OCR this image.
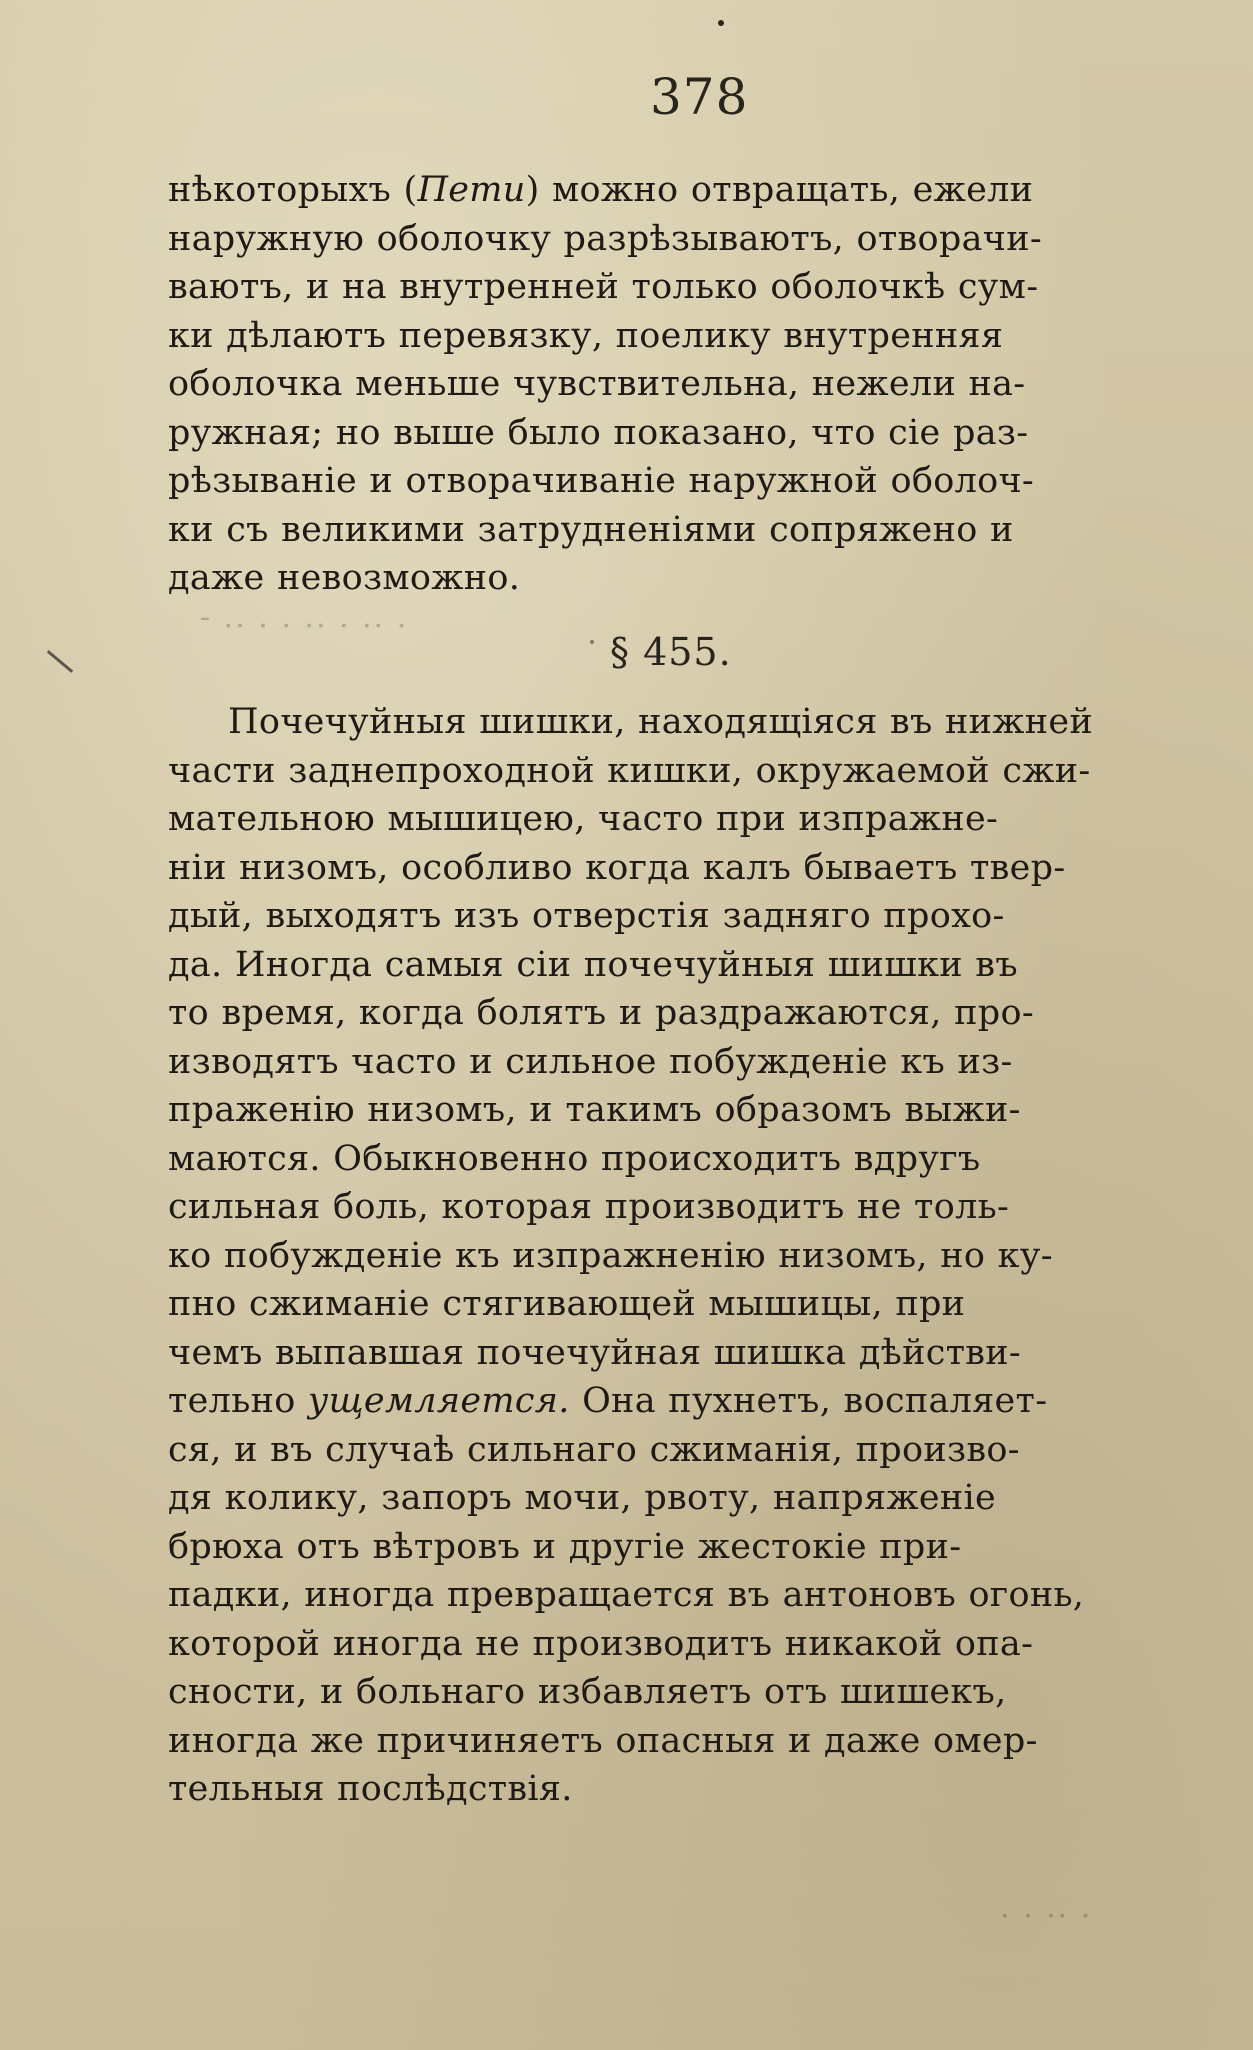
- .. . . .. . .. .
. . .. .
378
нѣкоторыхъ (Пети) можно отвращать, ежели
наружную оболочку разрѣзываютъ, отворачи-
ваютъ, и на внутренней только оболочкѣ сум-
ки дѣлаютъ перевязку, поелику внутренняя
оболочка меньше чувствительна, нежели на-
ружная; но выше было показано, что сіе раз-
рѣзываніе и отворачиваніе наружной оболоч-
ки съ великими затрудненіями сопряжено и
даже невозможно.
§ 455.
Почечуйныя шишки, находящіяся въ нижней
части заднепроходной кишки, окружаемой сжи-
мательною мышицею, часто при изпражне-
ніи низомъ, особливо когда калъ бываетъ твер-
дый, выходятъ изъ отверстія задняго прохо-
да. Иногда самыя сіи почечуйныя шишки въ
то время, когда болятъ и раздражаются, про-
изводятъ часто и сильное побужденіе къ из-
праженію низомъ, и такимъ образомъ выжи-
маются. Обыкновенно происходитъ вдругъ
сильная боль, которая производитъ не толь-
ко побужденіе къ изпражненію низомъ, но ку-
пно сжиманіе стягивающей мышицы, при
чемъ выпавшая почечуйная шишка дѣйстви-
тельно ущемляется. Она пухнетъ, воспаляет-
ся, и въ случаѣ сильнаго сжиманія, произво-
дя колику, запоръ мочи, рвоту, напряженіе
брюха отъ вѣтровъ и другіе жестокіе при-
падки, иногда превращается въ антоновъ огонь,
которой иногда не производитъ никакой опа-
сности, и больнаго избавляетъ отъ шишекъ,
иногда же причиняетъ опасныя и даже омер-
тельныя послѣдствія.
